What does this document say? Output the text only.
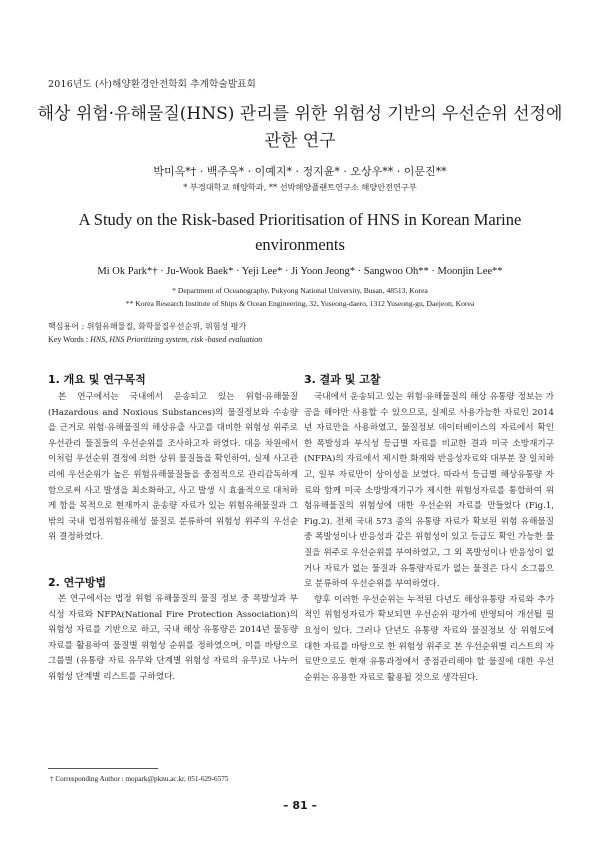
2016년도 (사)해양환경안전학회 추계학술발표회
해상 위험·유해물질(HNS) 관리를 위한 위험성 기반의 우선순위 선정에
관한 연구
박미옥*† · 백주욱* · 이예지* · 정지윤* · 오상우** · 이문진**
* 부경대학교 해양학과, ** 선박해양플랜트연구소 해양안전연구부
A Study on the Risk-based Prioritisation of HNS in Korean Marine
environments
Mi Ok Park*† · Ju-Wook Baek* · Yeji Lee* · Ji Yoon Jeong* · Sangwoo Oh** · Moonjin Lee**
* Department of Oceanography, Pukyong National University, Busan, 48513, Korea
** Korea Research Institute of Ships & Ocean Engineering, 32, Yuseong-daero, 1312 Yuseong-gu, Daejeon, Korea
핵심용어 : 위험유해물질, 화학물질우선순위, 위험성 평가
Key Words : HNS, HNS Prioritizing system, risk -based evaluation
1. 개요 및 연구목적

본 연구에서는 국내에서 운송되고 있는 위험·유해물질 (Hazardous and Noxious Substances)의 물질정보와 수송량을 근거로 위험·유해물질의 해상유출 사고를 대비한 위험성 위주로 우선관리 물질들의 우선순위를 조사하고자 하였다. 대응 차원에서 이처럼 우선순위 결정에 의한 상위 물질들을 확인하여, 실제 사고관리에 우선순위가 높은 위험유해물질들을 중점적으로 관리감독하게 함으로써 사고 발생을 최소화하고, 사고 발생 시 효율적으로 대처하게 함을 목적으로 현재까지 운송량 자료가 있는 위험유해물질과 그 밖의 국내 법정위험유해성 물질로 분류하여 위험성 위주의 우선순위 결정하였다.

2. 연구방법

본 연구에서는 법정 위험 유해물질의 물질 정보 중 폭발성과 부식성 자료와 NFPA(National Fire Protection Association)의 위험성 자료를 기반으로 하고, 국내 해상 유통량은 2014년 물동량 자료를 활용하여 물질별 위험성 순위를 정하였으며, 이를 바탕으로 그룹별 (유통량 자료 유무와 단계별 위험성 자료의 유무)로 나누어 위험성 단계별 리스트를 구하였다.

3. 결과 및 고찰

국내에서 운송되고 있는 위험·유해물질의 해상 유통량 정보는 가공을 해야만 사용할 수 있으므로, 실제로 사용가능한 자료인 2014년 자료만을 사용하였고, 물질정보 데이터베이스의 자료에서 확인한 폭발성과 부식성 등급별 자료를 비교한 결과 미국 소방재기구(NFPA)의 자료에서 제시한 화재와 반응성자료와 대부분 잘 일치하고, 일부 자료만이 상이성을 보였다. 따라서 등급별 해상유통량 자료와 함께 미국 소방방재기구가 제시한 위험성자료를 통합하여 위험유해물질의 위험성에 대한 우선순위 자료를 만들었다 (Fig.1, Fig.2). 전체 국내 573 종의 유통량 자료가 확보된 위험 유해물질 중 폭발성이나 반응성과 같은 위험성이 있고 등급도 확인 가능한 물질을 위주로 우선순위를 부여하였고, 그 외 폭발성이나 반응성이 없거나 자료가 없는 물질과 유통량자료가 없는 물질은 다시 소그룹으로 분류하여 우선순위를 부여하였다.

향후 이러한 우선순위는 누적된 다년도 해상유통량 자료와 추가적인 위험성자료가 확보되면 우선순위 평가에 반영되어 개선될 필요성이 있다. 그러나 단년도 유통량 자료와 물질정보 상 위험도에 대한 자료를 바탕으로 한 위험성 위주로 본 우선순위별 리스트의 자료만으로도 현재 유통과정에서 중점관리해야 할 물질에 대한 우선순위는 유용한 자료로 활용될 것으로 생각된다.

† Corresponding Author : mopark@pknu.ac.kr, 051-629-6575
– 81 –
